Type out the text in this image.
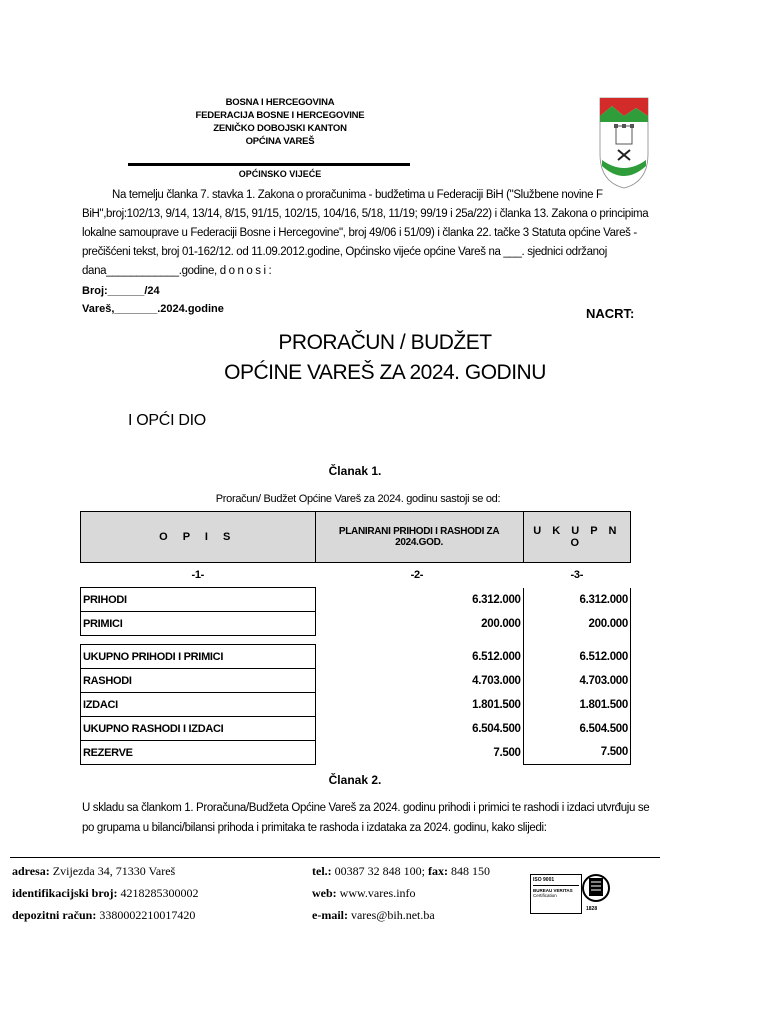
BOSNA I HERCEGOVINA
FEDERACIJA BOSNE I HERCEGOVINE
ZENIČKO DOBOJSKI KANTON
OPĆINA VAREŠ
OPĆINSKO VIJEĆE

Na temelju članka 7. stavka 1. Zakona o proračunima - budžetima u Federaciji BiH ("Službene novine F BiH",broj:102/13, 9/14, 13/14, 8/15, 91/15, 102/15, 104/16, 5/18, 11/19; 99/19 i 25a/22) i članka 13. Zakona o principima lokalne samouprave u Federaciji Bosne i Hercegovine", broj 49/06 i 51/09) i članka 22. tačke 3 Statuta općine Vareš - prečišćeni tekst, broj 01-162/12. od 11.09.2012.godine, Općinsko vijeće općine Vareš na ___. sjednici održanoj dana____________.godine, d o n o s i :

Broj:______/24
Vareš,_______.2024.godine	NACRT:
PRORAČUN / BUDŽET
OPĆINE VAREŠ ZA 2024. GODINU
I OPĆI DIO
Članak 1.
Proračun/ Budžet Općine Vareš za 2024. godinu sastoji se od:
O P I S	PLANIRANI PRIHODI I RASHODI ZA 2024.GOD.	U K U P N O
-1-	-2-	-3-
PRIHODI	6.312.000	6.312.000
PRIMICI	200.000	200.000

UKUPNO PRIHODI I PRIMICI	6.512.000	6.512.000
RASHODI	4.703.000	4.703.000
IZDACI	1.801.500	1.801.500
UKUPNO RASHODI I IZDACI	6.504.500	6.504.500
REZERVE	7.500	7.500
Članak 2.
U skladu sa člankom 1. Proračuna/Budžeta Općine Vareš za 2024. godinu prihodi i primici te rashodi i izdaci utvrđuju se po grupama u bilanci/bilansi prihoda i primitaka te rashoda i izdataka za 2024. godinu, kako slijedi:
adresa: Zvijezda 34, 71330 Vareš
identifikacijski broj: 4218285300002
depozitni račun: 3380002210017420
tel.: 00387 32 848 100; fax: 848 150
web: www.vares.info
e-mail: vares@bih.net.ba
ISO 9001
BUREAU VERITAS
Certification
1828
